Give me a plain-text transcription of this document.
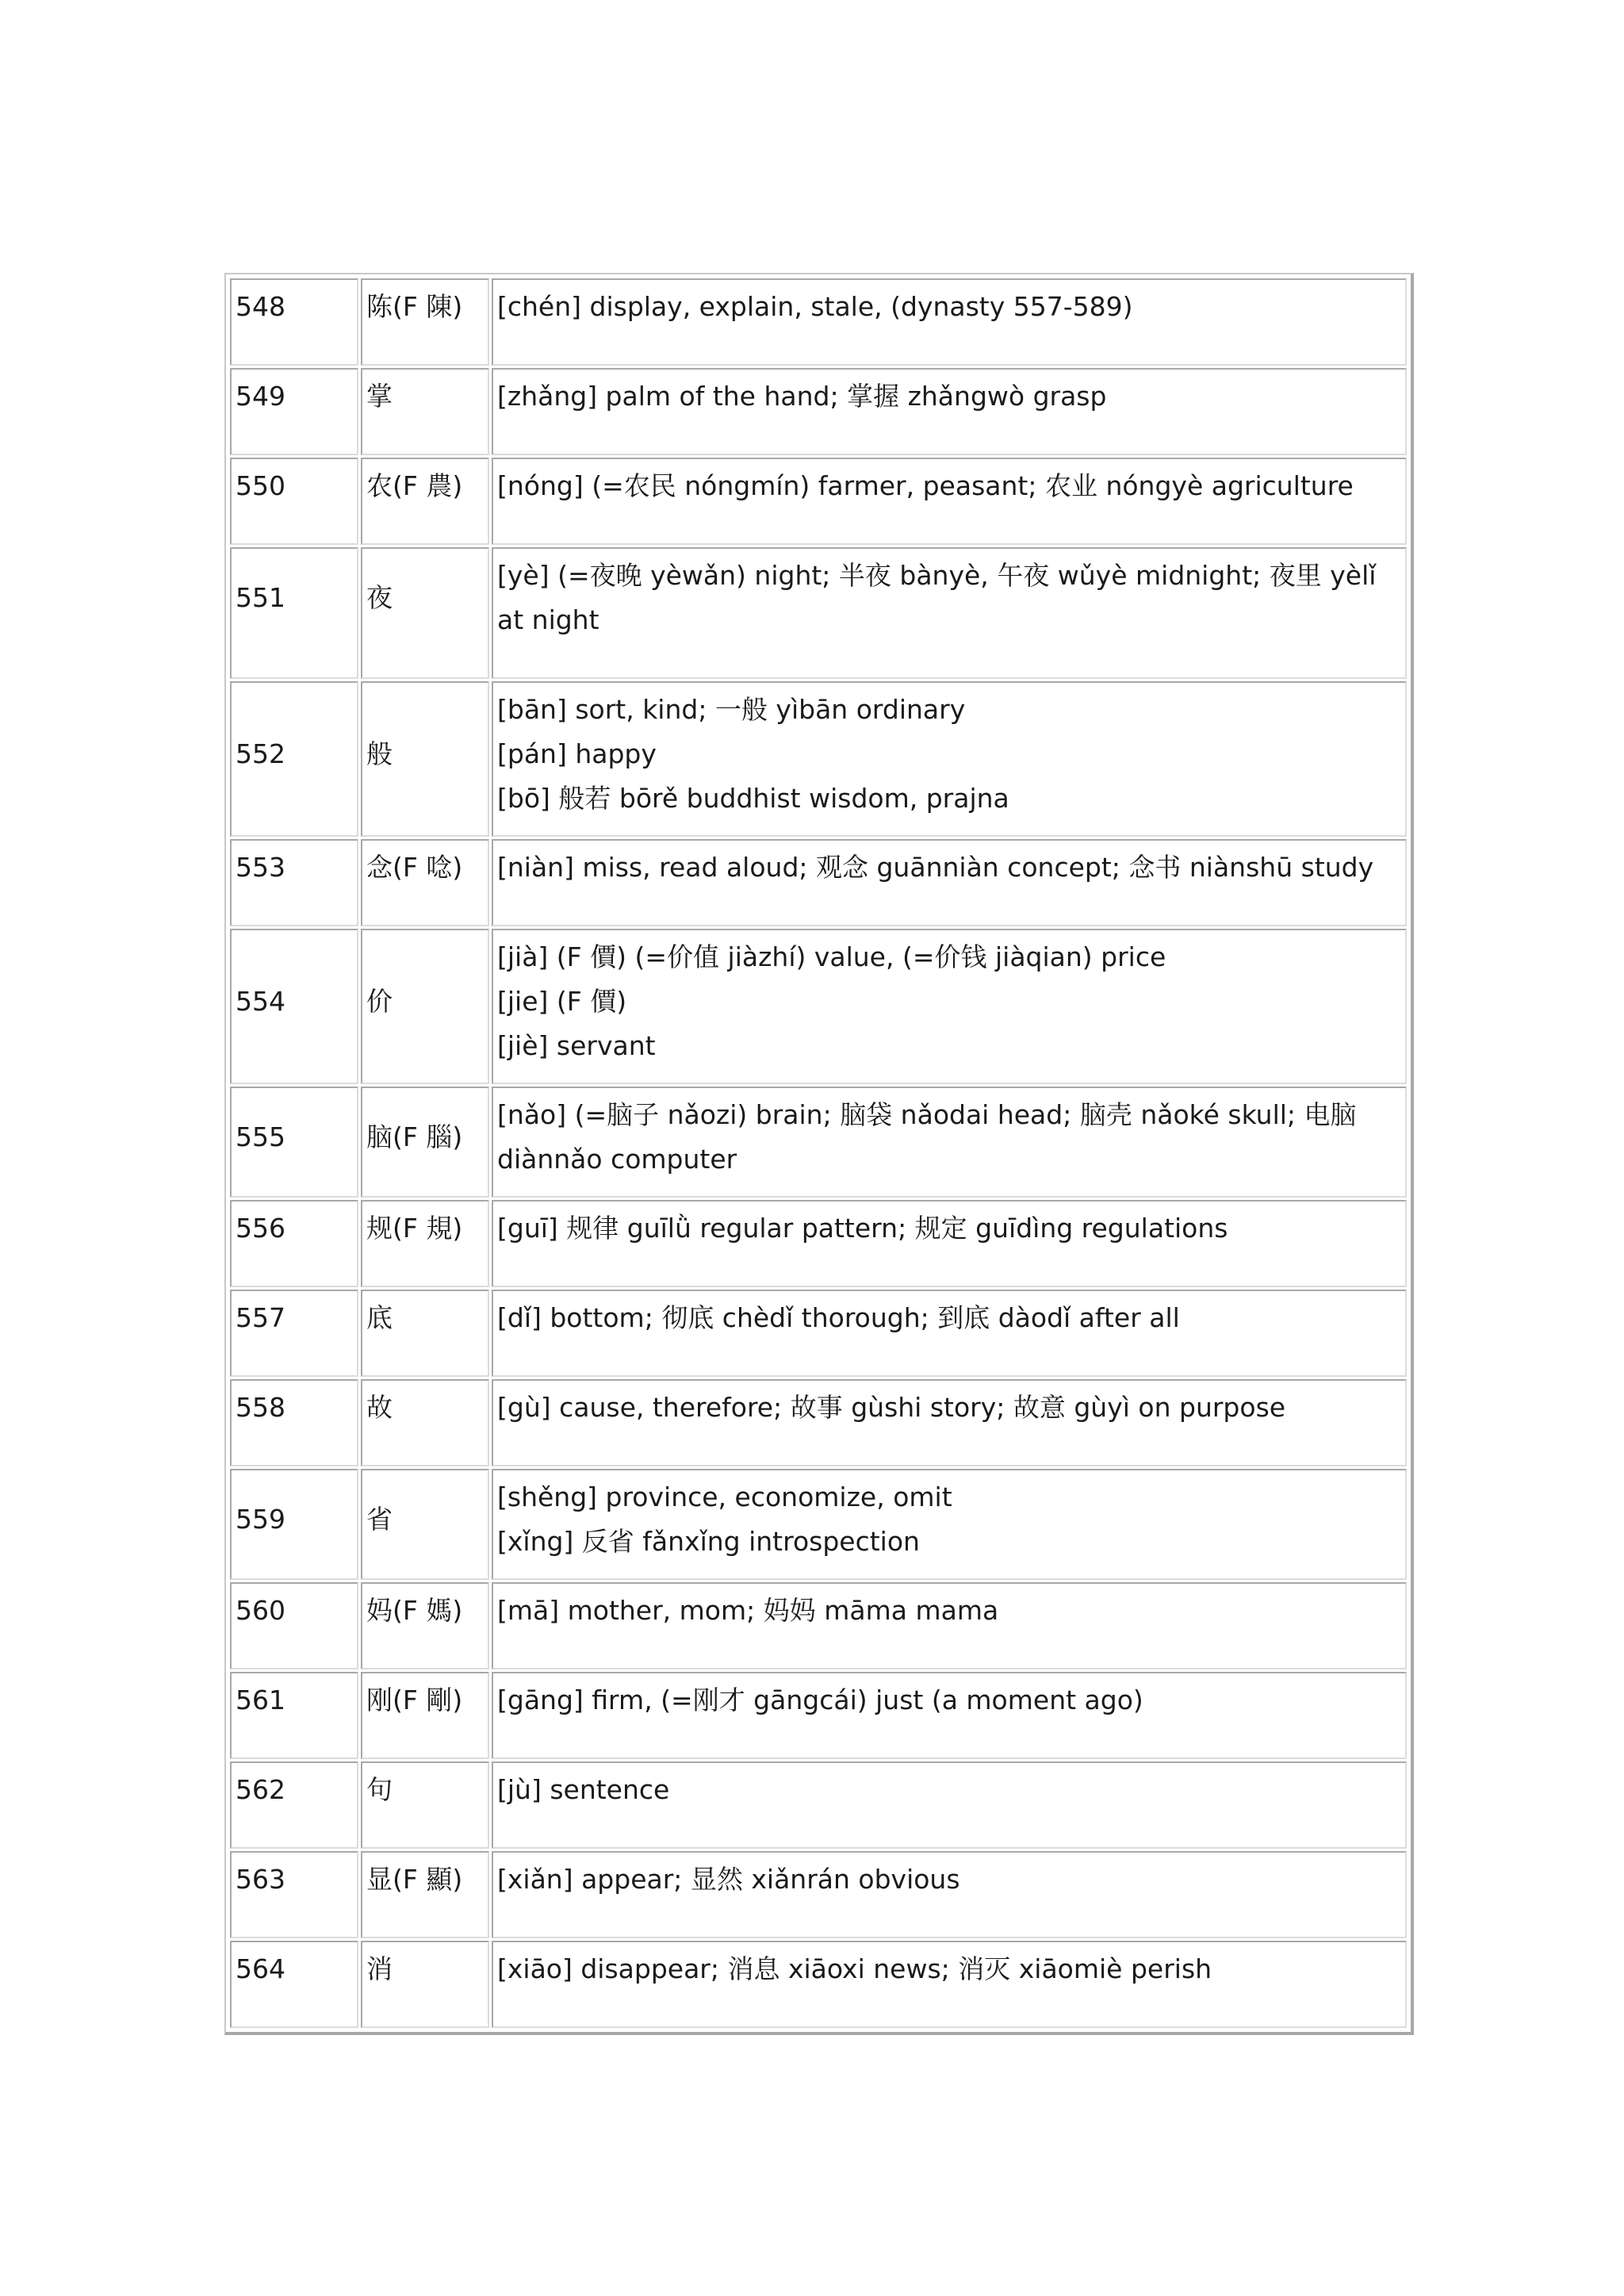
548	陈(F 陳)	[chén] display, explain, stale, (dynasty 557-589)

549	掌	[zhǎng] palm of the hand; 掌握 zhǎngwò grasp

550	农(F 農)	[nóng] (=农民 nóngmín) farmer, peasant; 农业 nóngyè agriculture

551	夜	[yè] (=夜晚 yèwǎn) night; 半夜 bànyè, 午夜 wǔyè midnight; 夜里 yèlǐ at night

552	般	[bān] sort, kind; 一般 yìbān ordinary
[pán] happy
[bō] 般若 bōrě buddhist wisdom, prajna

553	念(F 唸)	[niàn] miss, read aloud; 观念 guānniàn concept; 念书 niànshū study

554	价	[jià] (F 價) (=价值 jiàzhí) value, (=价钱 jiàqian) price
[jie] (F 價)
[jiè] servant

555	脑(F 腦)	[nǎo] (=脑子 nǎozi) brain; 脑袋 nǎodai head; 脑壳 nǎoké skull; 电脑 diànnǎo computer

556	规(F 規)	[guī] 规律 guīlǜ regular pattern; 规定 guīdìng regulations

557	底	[dǐ] bottom; 彻底 chèdǐ thorough; 到底 dàodǐ after all

558	故	[gù] cause, therefore; 故事 gùshi story; 故意 gùyì on purpose

559	省	[shěng] province, economize, omit
[xǐng] 反省 fǎnxǐng introspection

560	妈(F 媽)	[mā] mother, mom; 妈妈 māma mama

561	刚(F 剛)	[gāng] firm, (=刚才 gāngcái) just (a moment ago)

562	句	[jù] sentence

563	显(F 顯)	[xiǎn] appear; 显然 xiǎnrán obvious

564	消	[xiāo] disappear; 消息 xiāoxi news; 消灭 xiāomiè perish
